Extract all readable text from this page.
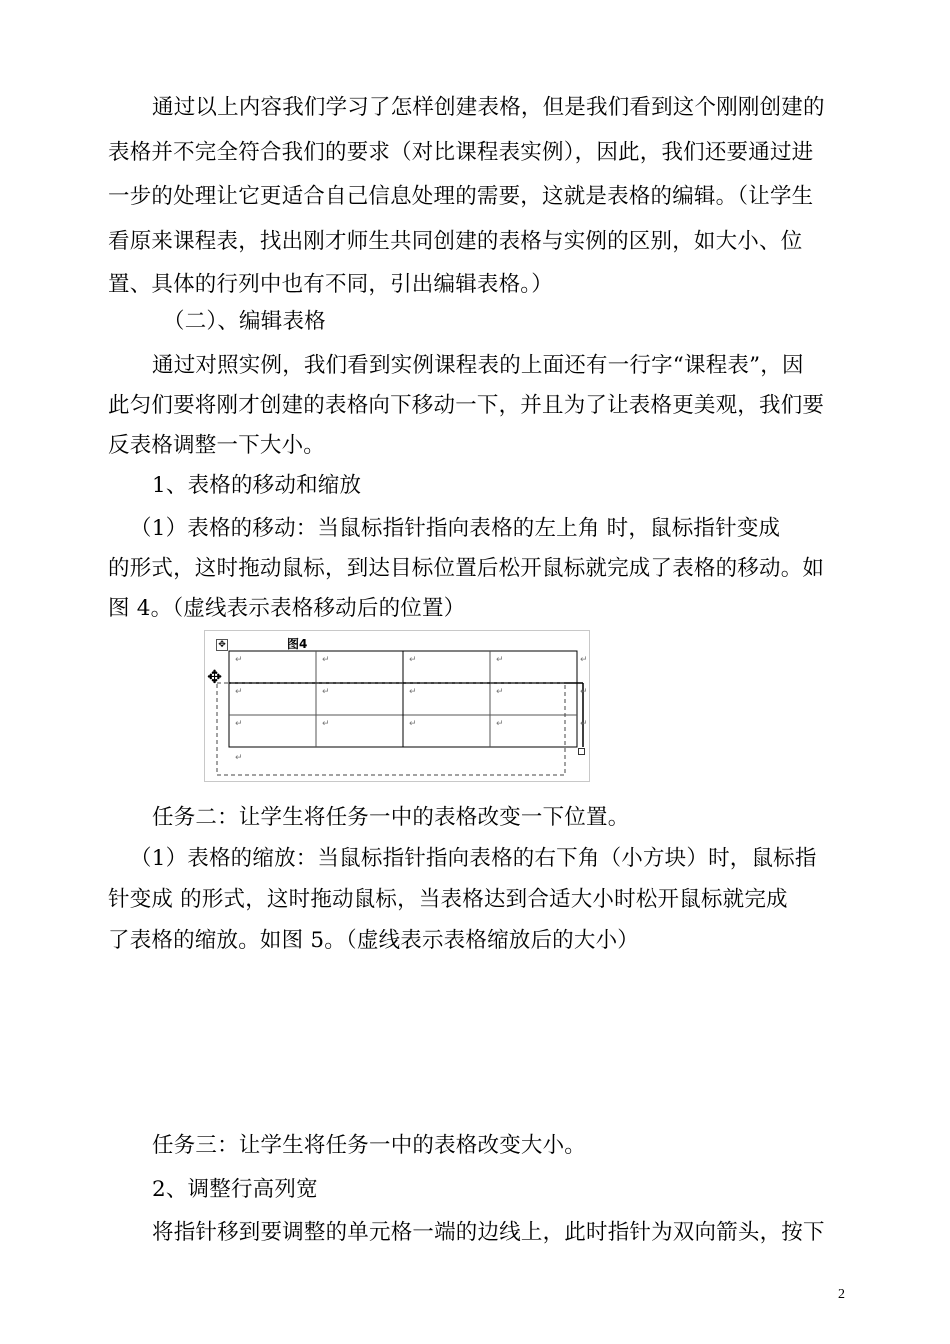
通过以上内容我们学习了怎样创建表格，但是我们看到这个刚刚创建的
表格并不完全符合我们的要求（对比课程表实例），因此，我们还要通过进
一步的处理让它更适合自己信息处理的需要，这就是表格的编辑。（让学生
看原来课程表，找出刚才师生共同创建的表格与实例的区别，如大小、位
置、具体的行列中也有不同，引出编辑表格。）
（二）、编辑表格
通过对照实例，我们看到实例课程表的上面还有一行字“课程表”，因
此匀们要将刚才创建的表格向下移动一下，并且为了让表格更美观，我们要
反表格调整一下大小。
1、表格的移动和缩放
（1）表格的移动：当鼠标指针指向表格的左上角 时，鼠标指针变成
的形式，这时拖动鼠标，到达目标位置后松开鼠标就完成了表格的移动。如
图 4。（虚线表示表格移动后的位置）
图4
✥
✥
↵	↵	↵	↵	↵
↵	↵	↵	↵	↵
↵	↵	↵	↵	↵
↵
任务二：让学生将任务一中的表格改变一下位置。
（1）表格的缩放：当鼠标指针指向表格的右下角（小方块）时，鼠标指
针变成 的形式，这时拖动鼠标，当表格达到合适大小时松开鼠标就完成
了表格的缩放。如图 5。（虚线表示表格缩放后的大小）
任务三：让学生将任务一中的表格改变大小。
2、调整行高列宽
将指针移到要调整的单元格一端的边线上，此时指针为双向箭头，按下
2
